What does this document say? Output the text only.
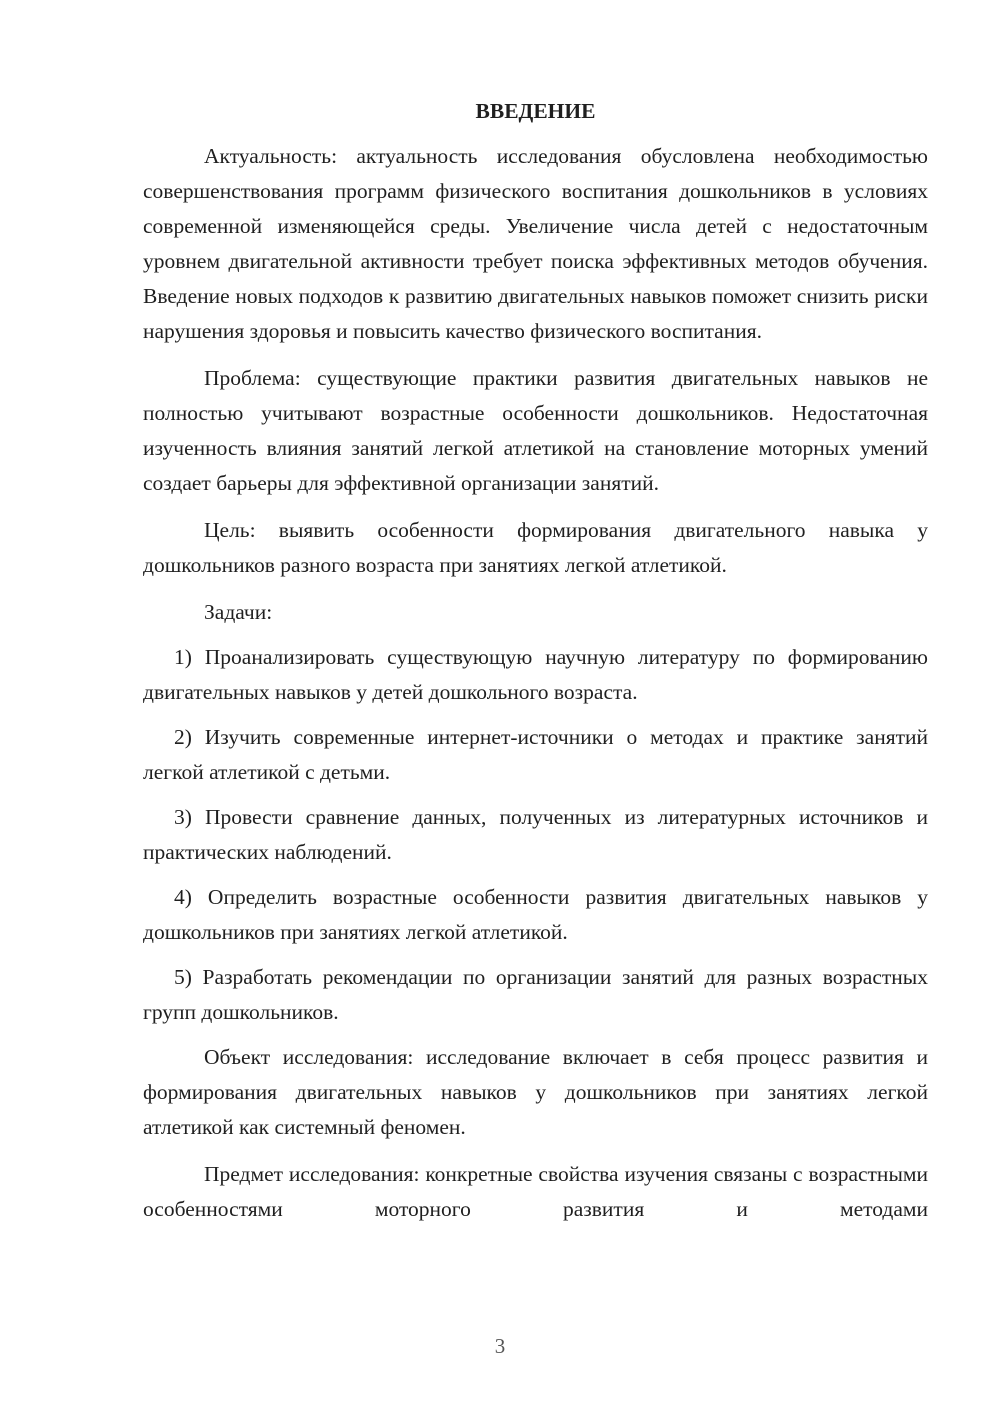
ВВЕДЕНИЕ

Актуальность: актуальность исследования обусловлена необходимостью совершенствования программ физического воспитания дошкольников в условиях современной изменяющейся среды. Увеличение числа детей с недостаточным уровнем двигательной активности требует поиска эффективных методов обучения. Введение новых подходов к развитию двигательных навыков поможет снизить риски нарушения здоровья и повысить качество физического воспитания.

Проблема: существующие практики развития двигательных навыков не полностью учитывают возрастные особенности дошкольников. Недостаточная изученность влияния занятий легкой атлетикой на становление моторных умений создает барьеры для эффективной организации занятий.

Цель: выявить особенности формирования двигательного навыка у дошкольников разного возраста при занятиях легкой атлетикой.

Задачи:

1) Проанализировать существующую научную литературу по формированию двигательных навыков у детей дошкольного возраста.

2) Изучить современные интернет-источники о методах и практике занятий легкой атлетикой с детьми.

3) Провести сравнение данных, полученных из литературных источников и практических наблюдений.

4) Определить возрастные особенности развития двигательных навыков у дошкольников при занятиях легкой атлетикой.

5) Разработать рекомендации по организации занятий для разных возрастных групп дошкольников.

Объект исследования: исследование включает в себя процесс развития и формирования двигательных навыков у дошкольников при занятиях легкой атлетикой как системный феномен.

Предмет исследования: конкретные свойства изучения связаны с возрастными особенностями моторного развития и методами

3
